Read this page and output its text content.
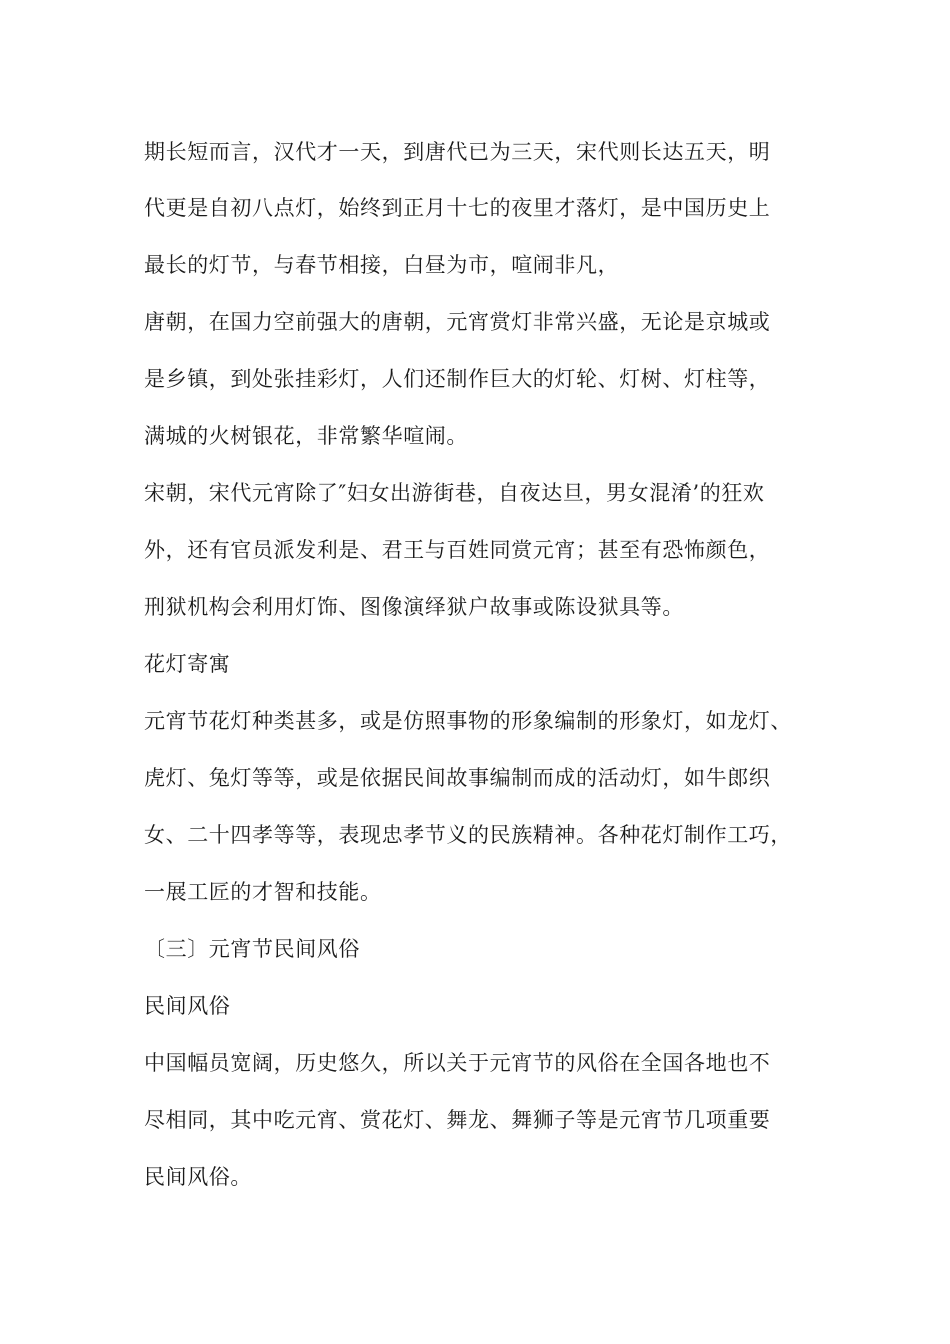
期长短而言，汉代才一天，到唐代已为三天，宋代则长达五天，明
代更是自初八点灯，始终到正月十七的夜里才落灯，是中国历史上
最长的灯节，与春节相接，白昼为市，喧闹非凡，
唐朝，在国力空前强大的唐朝，元宵赏灯非常兴盛，无论是京城或
是乡镇，到处张挂彩灯，人们还制作巨大的灯轮、灯树、灯柱等，
满城的火树银花，非常繁华喧闹。
宋朝，宋代元宵除了″妇女出游街巷，自夜达旦，男女混淆’的狂欢
外，还有官员派发利是、君王与百姓同赏元宵；甚至有恐怖颜色，
刑狱机构会利用灯饰、图像演绎狱户故事或陈设狱具等。
花灯寄寓
元宵节花灯种类甚多，或是仿照事物的形象编制的形象灯，如龙灯、
虎灯、兔灯等等，或是依据民间故事编制而成的活动灯，如牛郎织
女、二十四孝等等，表现忠孝节义的民族精神。各种花灯制作工巧，
一展工匠的才智和技能。
〔三〕元宵节民间风俗
民间风俗
中国幅员宽阔，历史悠久，所以关于元宵节的风俗在全国各地也不
尽相同，其中吃元宵、赏花灯、舞龙、舞狮子等是元宵节几项重要
民间风俗。
